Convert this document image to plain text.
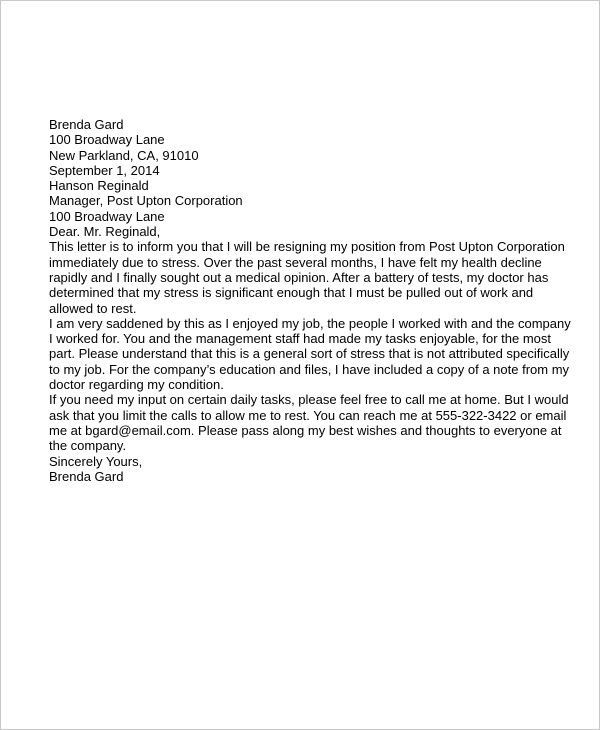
Brenda Gard

100 Broadway Lane
New Parkland, CA, 91010

September 1, 2014

Hanson Reginald
Manager, Post Upton Corporation
100 Broadway Lane

Dear. Mr. Reginald,
This letter is to inform you that I will be resigning my position from Post Upton Corporation
immediately due to stress. Over the past several months, I have felt my health decline
rapidly and I finally sought out a medical opinion. After a battery of tests, my doctor has
determined that my stress is significant enough that I must be pulled out of work and
allowed to rest.

I am very saddened by this as I enjoyed my job, the people I worked with and the company
I worked for. You and the management staff had made my tasks enjoyable, for the most
part. Please understand that this is a general sort of stress that is not attributed specifically
to my job. For the company’s education and files, I have included a copy of a note from my
doctor regarding my condition.

If you need my input on certain daily tasks, please feel free to call me at home. But I would
ask that you limit the calls to allow me to rest. You can reach me at 555-322-3422 or email
me at bgard@email.com. Please pass along my best wishes and thoughts to everyone at
the company.

Sincerely Yours,

Brenda Gard
